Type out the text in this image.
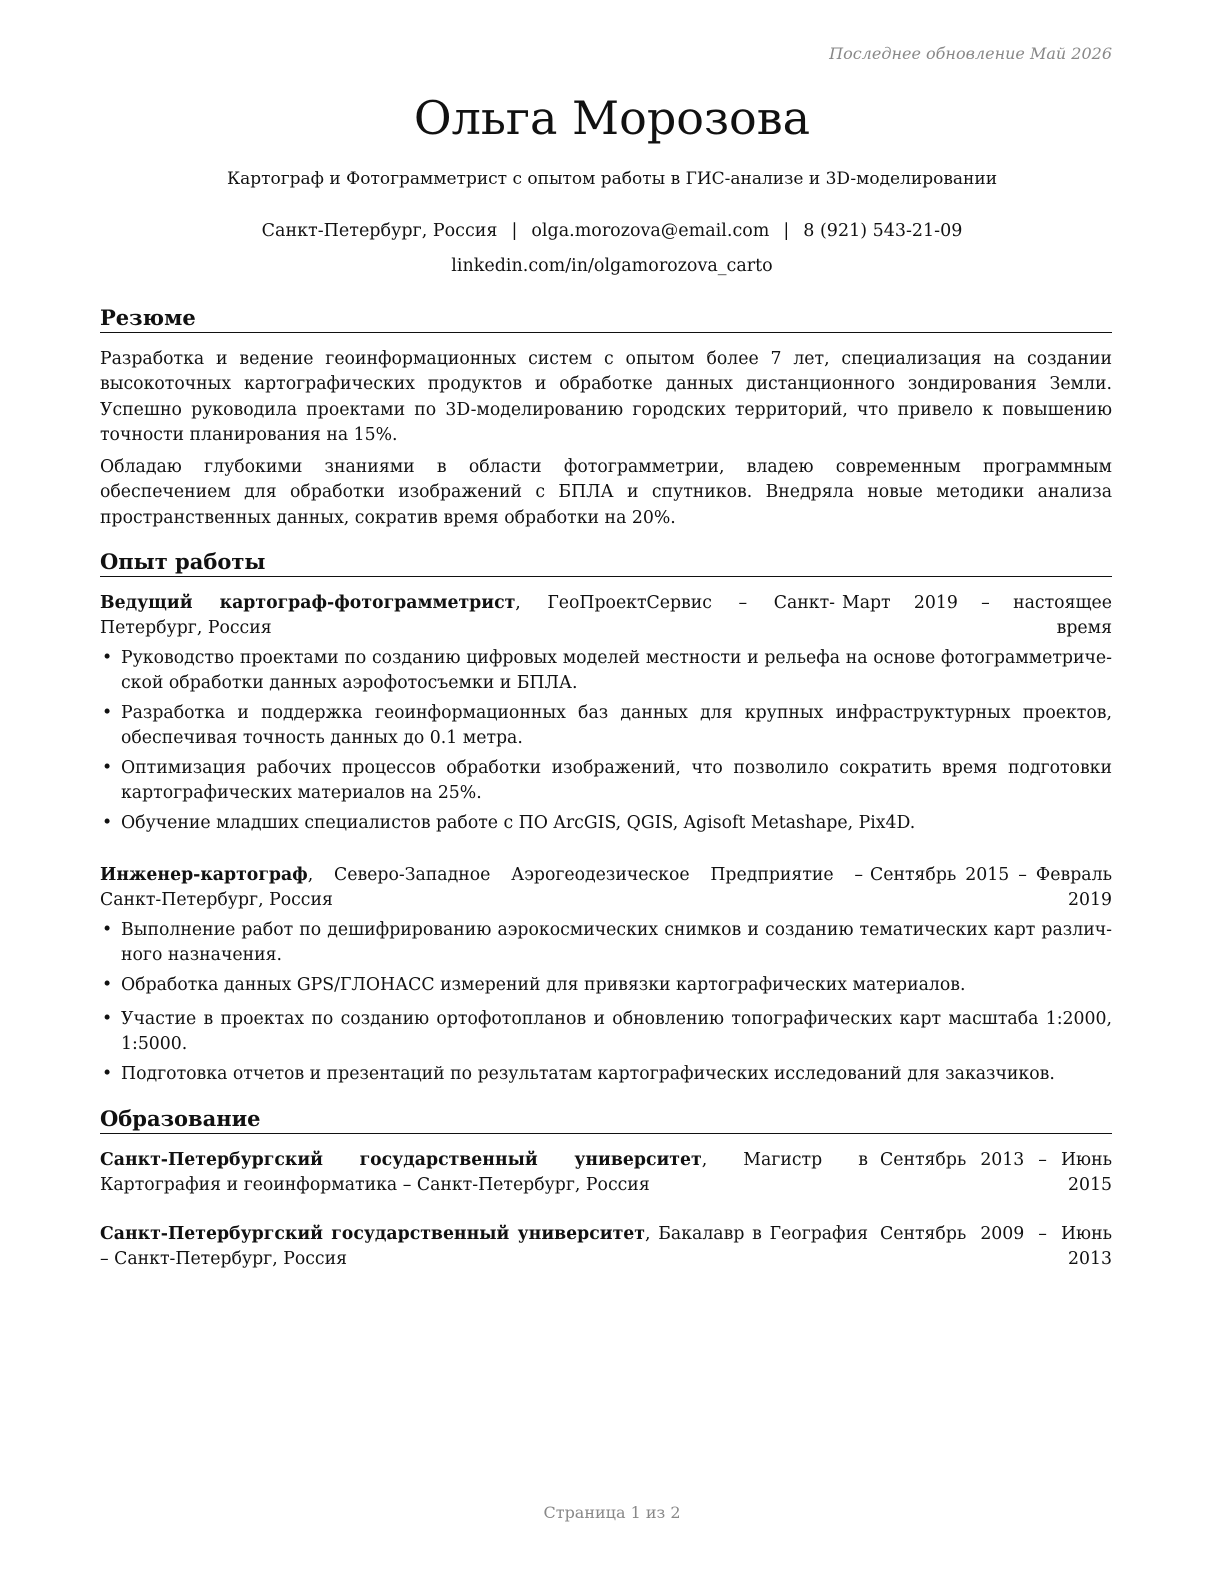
Последнее обновление Май 2026
Ольга Морозова
Картограф и Фотограмметрист с опытом работы в ГИС-анализе и 3D-моделировании
Санкт-Петербург, Россия | olga.morozova@email.com | 8 (921) 543-21-09
linkedin.com/in/olgamorozova_carto
Резюме

Разработка и ведение геоинформационных систем с опытом более 7 лет, специализация на создании высокоточных картографических продуктов и обработке данных дистанционного зондирования Земли. Успешно руководила проектами по 3D-моделированию городских территорий, что привело к повышению точности планирования на 15%.

Обладаю глубокими знаниями в области фотограмметрии, владею современным программным обеспечением для обработки изображений с БПЛА и спутников. Внедряла новые методики анализа пространственных данных, сократив время обработки на 20%.

Опыт работы
Ведущий картограф-фотограмметрист, ГеоПроектСервис – Санкт-Петербург, Россия
Март 2019 – настоящее время
• Руководство проектами по созданию цифровых моделей местности и рельефа на основе фотограмметрической обработки данных аэрофотосъемки и БПЛА.
• Разработка и поддержка геоинформационных баз данных для крупных инфраструктурных проектов, обеспечивая точность данных до 0.1 метра.
• Оптимизация рабочих процессов обработки изображений, что позволило сократить время подготовки картографических материалов на 25%.
• Обучение младших специалистов работе с ПО ArcGIS, QGIS, Agisoft Metashape, Pix4D.
Инженер-картограф, Северо-Западное Аэрогеодезическое Предприятие – Санкт-Петербург, Россия
Сентябрь 2015 – Февраль 2019
• Выполнение работ по дешифрированию аэрокосмических снимков и созданию тематических карт различного назначения.
• Обработка данных GPS/ГЛОНАСС измерений для привязки картографических материалов.
• Участие в проектах по созданию ортофотопланов и обновлению топографических карт масштаба 1:2000, 1:5000.
• Подготовка отчетов и презентаций по результатам картографических исследований для заказчиков.
Образование
Санкт-Петербургский государственный университет, Магистр в Картография и геоинформатика – Санкт-Петербург, Россия
Сентябрь 2013 – Июнь 2015
Санкт-Петербургский государственный университет, Бакалавр в География – Санкт-Петербург, Россия
Сентябрь 2009 – Июнь 2013
Страница 1 из 2
